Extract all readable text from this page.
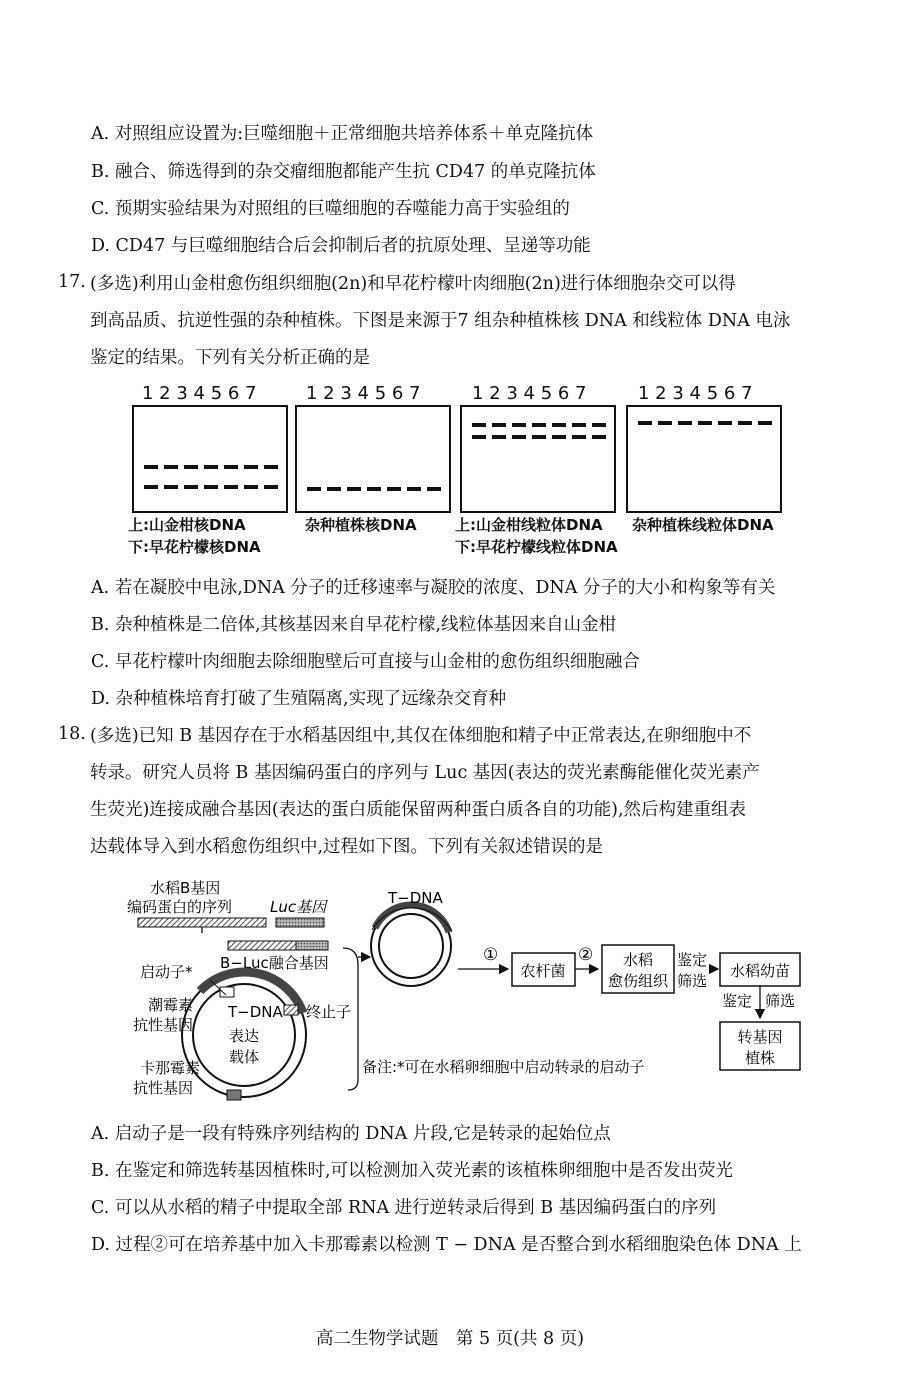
A. 对照组应设置为:巨噬细胞＋正常细胞共培养体系＋单克隆抗体
B. 融合、筛选得到的杂交瘤细胞都能产生抗 CD47 的单克隆抗体
C. 预期实验结果为对照组的巨噬细胞的吞噬能力高于实验组的
D. CD47 与巨噬细胞结合后会抑制后者的抗原处理、呈递等功能
17. (多选)利用山金柑愈伤组织细胞(2n)和早花柠檬叶肉细胞(2n)进行体细胞杂交可以得
到高品质、抗逆性强的杂种植株。下图是来源于7 组杂种植株核 DNA 和线粒体 DNA 电泳
鉴定的结果。下列有关分析正确的是
1 2 3 4 5 6 7	1 2 3 4 5 6 7	1 2 3 4 5 6 7	1 2 3 4 5 6 7
上:山金柑核DNA
下:早花柠檬核DNA
杂种植株核DNA	上:山金柑线粒体DNA
下:早花柠檬线粒体DNA
杂种植株线粒体DNA
A. 若在凝胶中电泳,DNA 分子的迁移速率与凝胶的浓度、DNA 分子的大小和构象等有关
B. 杂种植株是二倍体,其核基因来自早花柠檬,线粒体基因来自山金柑
C. 早花柠檬叶肉细胞去除细胞壁后可直接与山金柑的愈伤组织细胞融合
D. 杂种植株培育打破了生殖隔离,实现了远缘杂交育种
18. (多选)已知 B 基因存在于水稻基因组中,其仅在体细胞和精子中正常表达,在卵细胞中不
转录。研究人员将 B 基因编码蛋白的序列与 Luc 基因(表达的荧光素酶能催化荧光素产
生荧光)连接成融合基因(表达的蛋白质能保留两种蛋白质各自的功能),然后构建重组表
达载体导入到水稻愈伤组织中,过程如下图。下列有关叙述错误的是
水稻B基因
编码蛋白的序列	Luc基因
B−Luc融合基因
启动子*
潮霉素
抗性基因
T−DNA
表达
载体
终止子
卡那霉素
抗性基因
T−DNA
①
农杆菌
② 水稻
愈伤组织
鉴定
筛选
水稻幼苗
鉴定 筛选
转基因
植株
备注:*可在水稻卵细胞中启动转录的启动子
A. 启动子是一段有特殊序列结构的 DNA 片段,它是转录的起始位点
B. 在鉴定和筛选转基因植株时,可以检测加入荧光素的该植株卵细胞中是否发出荧光
C. 可以从水稻的精子中提取全部 RNA 进行逆转录后得到 B 基因编码蛋白的序列
D. 过程②可在培养基中加入卡那霉素以检测 T − DNA 是否整合到水稻细胞染色体 DNA 上
高二生物学试题　第 5 页(共 8 页)
